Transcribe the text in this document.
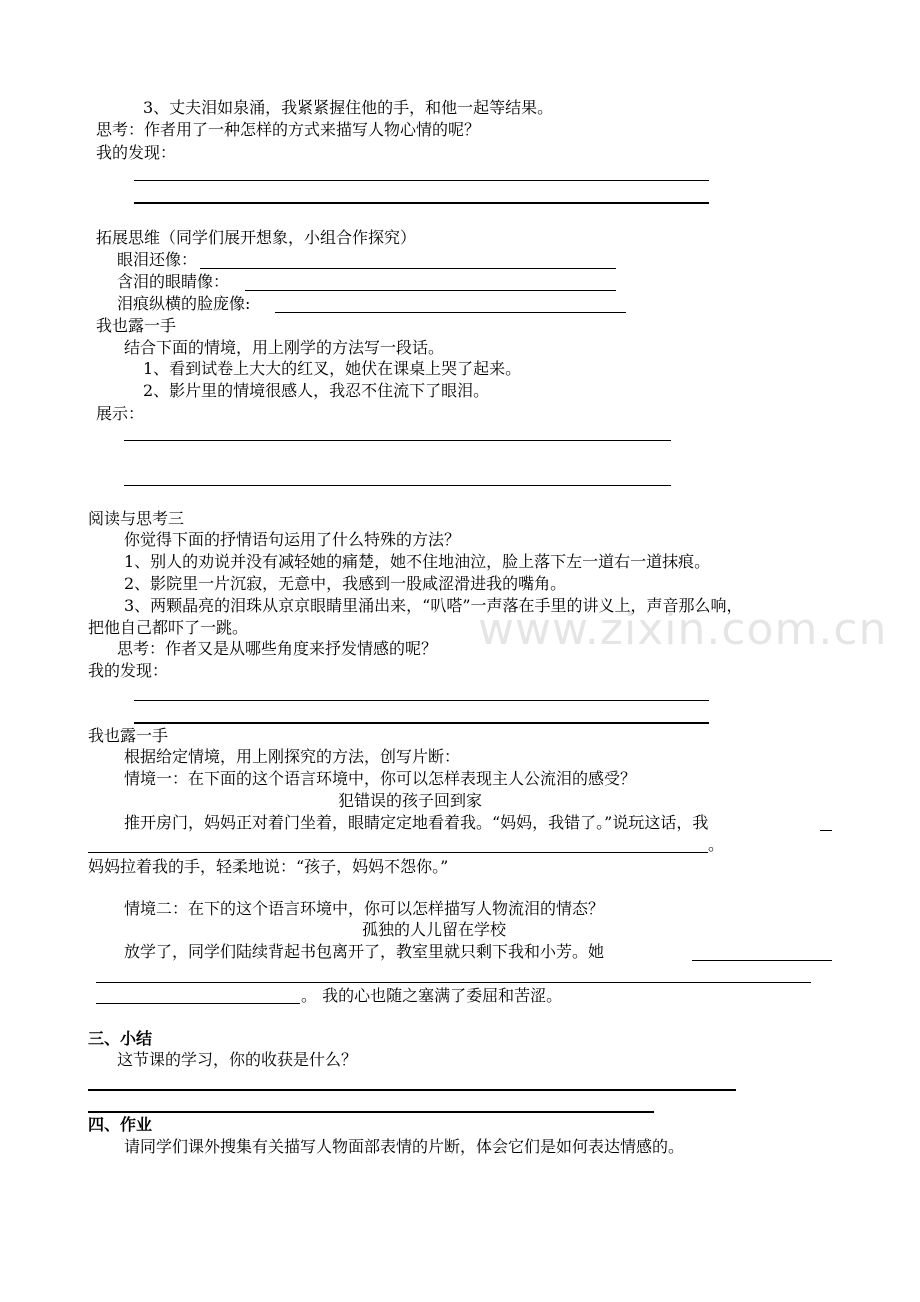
3、丈夫泪如泉涌，我紧紧握住他的手，和他一起等结果。
思考：作者用了一种怎样的方式来描写人物心情的呢？
我的发现：
拓展思维（同学们展开想象，小组合作探究）
眼泪还像：
含泪的眼睛像：
泪痕纵横的脸庞像:
我也露一手
结合下面的情境，用上刚学的方法写一段话。
1、看到试卷上大大的红叉，她伏在课桌上哭了起来。
2、影片里的情境很感人，我忍不住流下了眼泪。
展示：
阅读与思考三
你觉得下面的抒情语句运用了什么特殊的方法？
1、别人的劝说并没有减轻她的痛楚，她不住地油泣，脸上落下左一道右一道抹痕。
2、影院里一片沉寂，无意中，我感到一股咸涩滑进我的嘴角。
3、两颗晶亮的泪珠从京京眼睛里涌出来，“叭嗒”一声落在手里的讲义上，声音那么响，
把他自己都吓了一跳。
思考：作者又是从哪些角度来抒发情感的呢？
我的发现：
我也露一手
根据给定情境，用上刚探究的方法，创写片断：
情境一：在下面的这个语言环境中，你可以怎样表现主人公流泪的感受？
犯错误的孩子回到家
推开房门，妈妈正对着门坐着，眼睛定定地看着我。“妈妈，我错了。”说玩这话，我
。
妈妈拉着我的手，轻柔地说：“孩子，妈妈不怨你。”
情境二：在下的这个语言环境中，你可以怎样描写人物流泪的情态？
孤独的人儿留在学校
放学了，同学们陆续背起书包离开了，教室里就只剩下我和小芳。她
。 我的心也随之塞满了委屈和苦涩。
三、小结
这节课的学习，你的收获是什么？
四、作业
请同学们课外搜集有关描写人物面部表情的片断，体会它们是如何表达情感的。
www.zixin.com.cn
